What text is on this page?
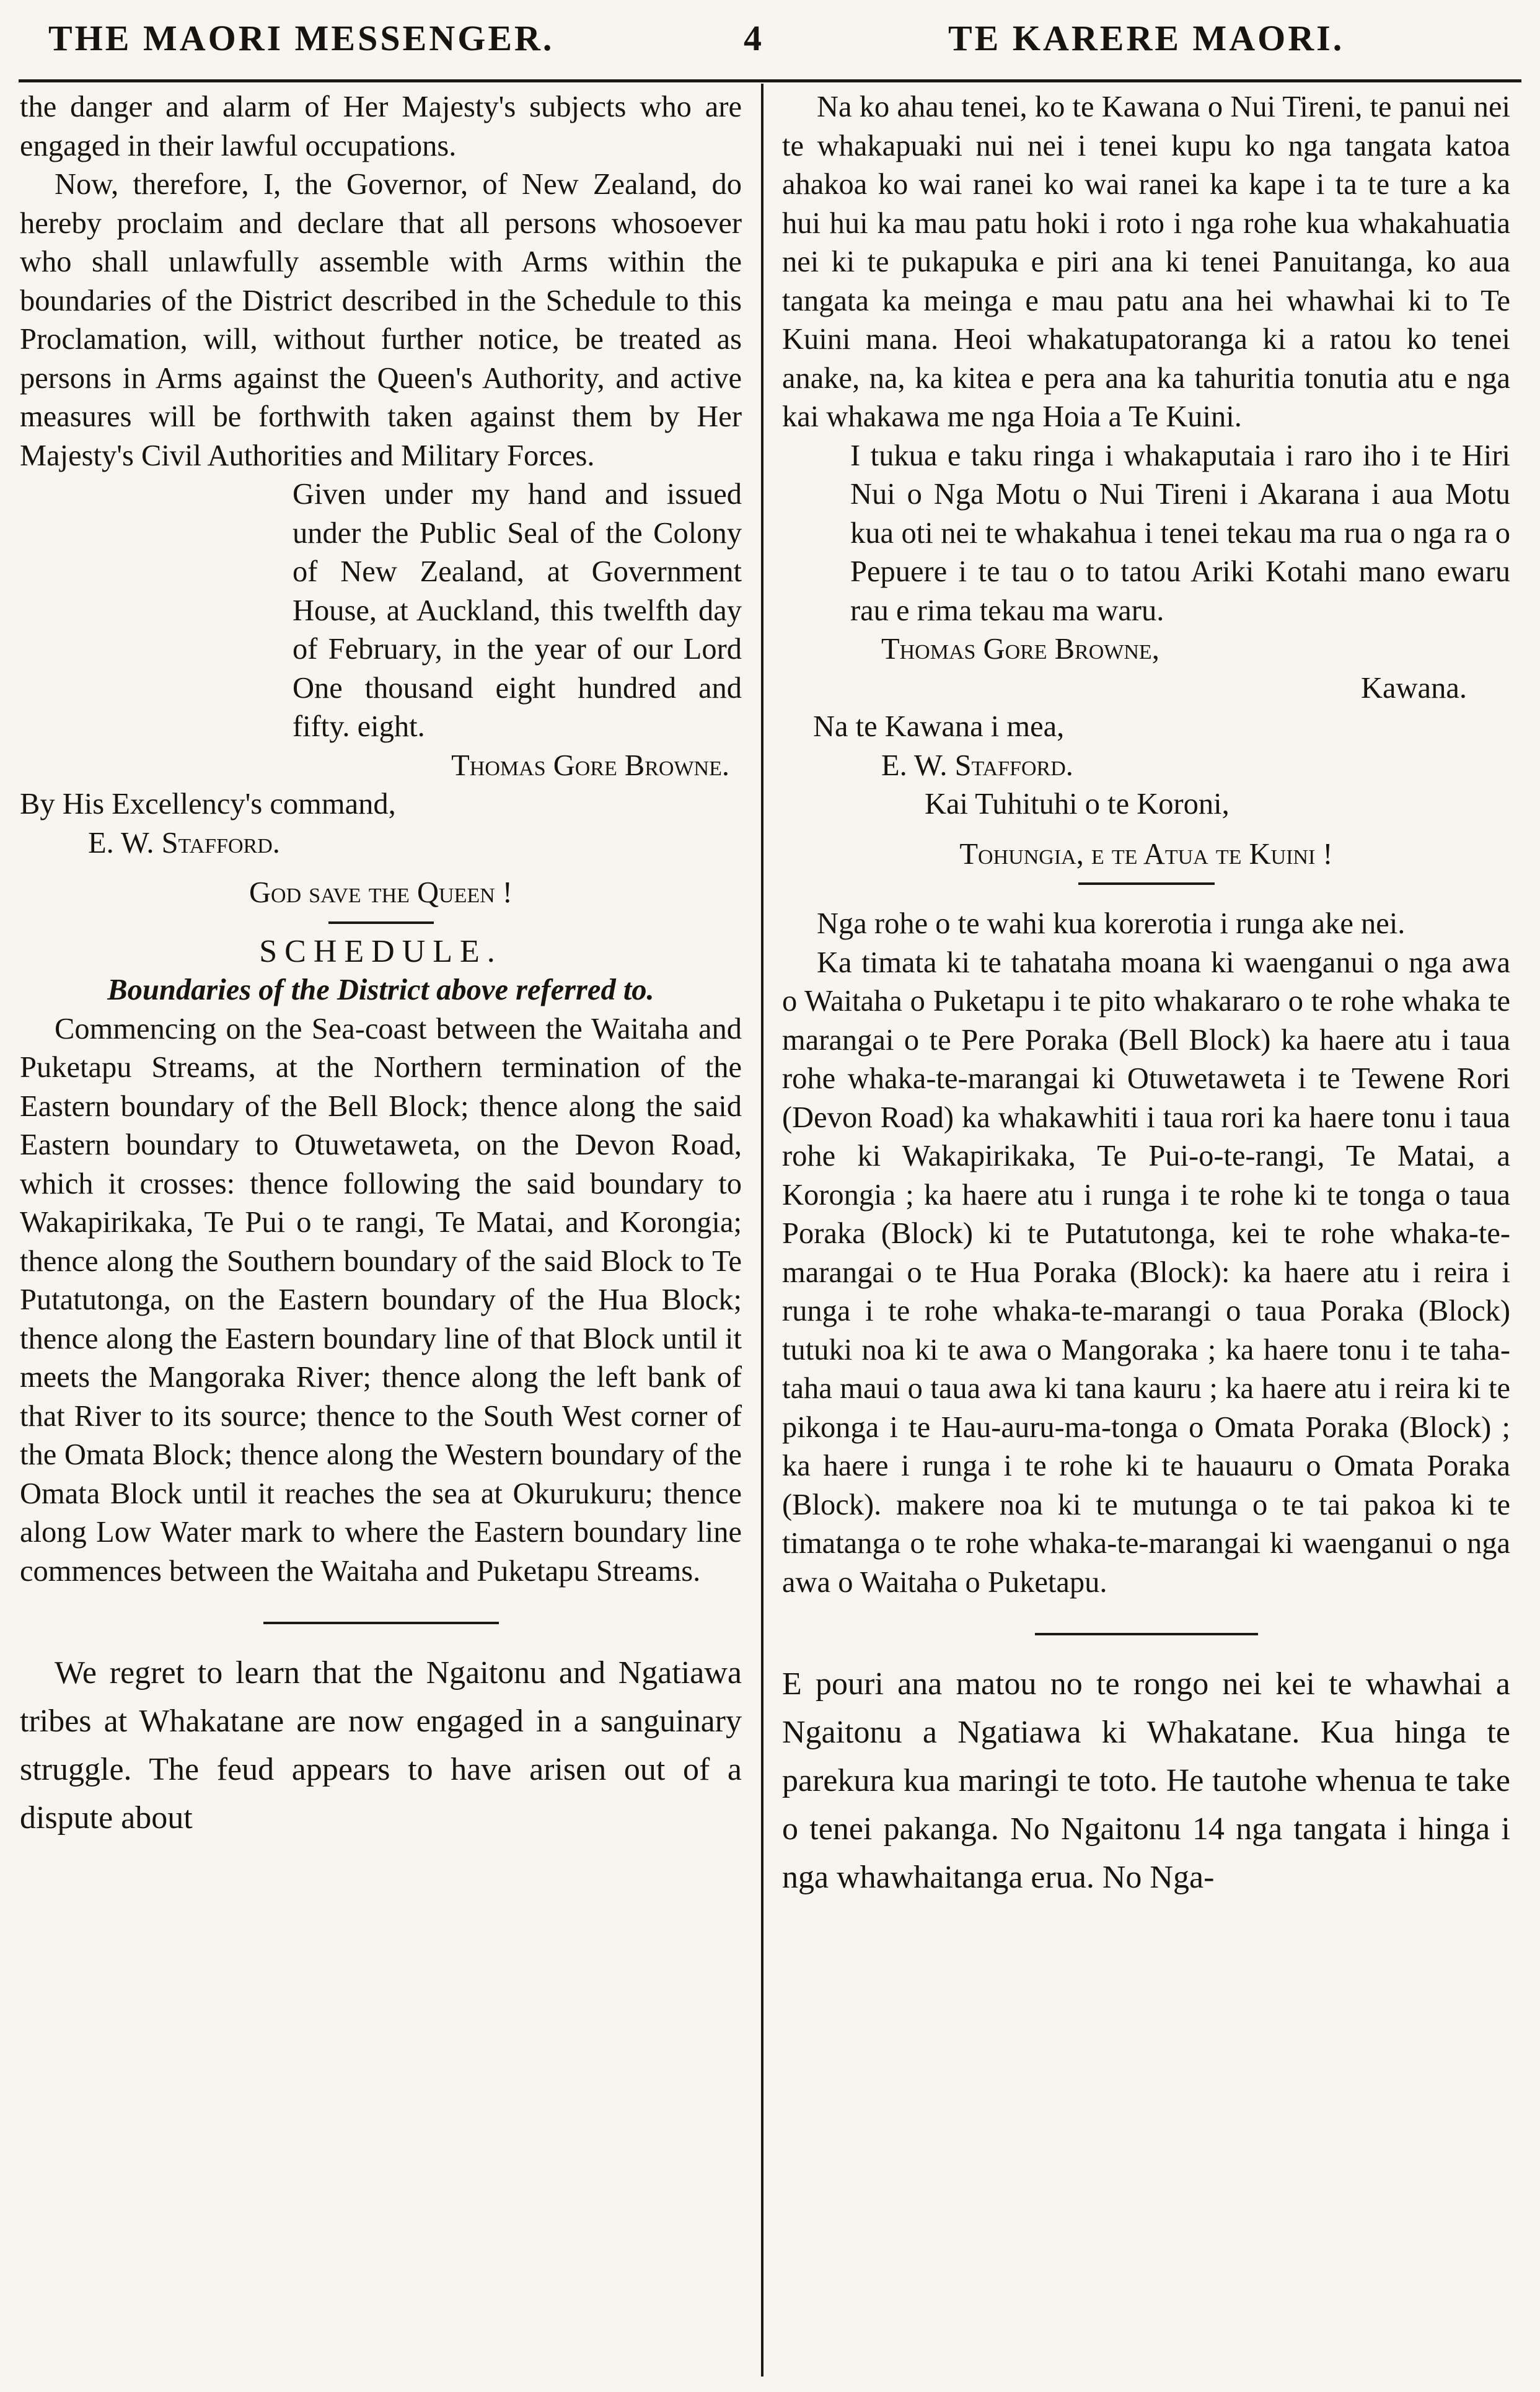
THE MAORI MESSENGER.	4	TE KARERE MAORI.

the danger and alarm of Her Majesty's subjects who are engaged in their lawful occupations.

Now, therefore, I, the Governor, of New Zealand, do hereby proclaim and declare that all persons whosoever who shall unlawfully assemble with Arms within the boundaries of the District described in the Schedule to this Proclamation, will, without further notice, be treated as persons in Arms against the Queen's Authority, and active measures will be forthwith taken against them by Her Majesty's Civil Authorities and Military Forces.

Given under my hand and issued under the Public Seal of the Colony of New Zealand, at Government House, at Auckland, this twelfth day of February, in the year of our Lord One thousand eight hundred and fifty. eight.

Thomas Gore Browne.

By His Excellency's command,

E. W. Stafford.

God save the Queen !

SCHEDULE.

Boundaries of the District above referred to.

Commencing on the Sea-coast between the Waitaha and Puketapu Streams, at the Northern termination of the Eastern boundary of the Bell Block; thence along the said Eastern boundary to Otuwetaweta, on the Devon Road, which it crosses: thence following the said boundary to Wakapirikaka, Te Pui o te rangi, Te Matai, and Korongia; thence along the Southern boundary of the said Block to Te Putatutonga, on the Eastern boundary of the Hua Block; thence along the Eastern boundary line of that Block until it meets the Mangoraka River; thence along the left bank of that River to its source; thence to the South West corner of the Omata Block; thence along the Western boundary of the Omata Block until it reaches the sea at Okurukuru; thence along Low Water mark to where the Eastern boundary line commences between the Waitaha and Puketapu Streams.

We regret to learn that the Ngaitonu and Ngatiawa tribes at Whakatane are now engaged in a sanguinary struggle. The feud appears to have arisen out of a dispute about

Na ko ahau tenei, ko te Kawana o Nui Tireni, te panui nei te whakapuaki nui nei i tenei kupu ko nga tangata katoa ahakoa ko wai ranei ko wai ranei ka kape i ta te ture a ka hui hui ka mau patu hoki i roto i nga rohe kua whakahuatia nei ki te pukapuka e piri ana ki tenei Panuitanga, ko aua tangata ka meinga e mau patu ana hei whawhai ki to Te Kuini mana. Heoi whakatupatoranga ki a ratou ko tenei anake, na, ka kitea e pera ana ka tahuritia tonutia atu e nga kai whakawa me nga Hoia a Te Kuini.

I tukua e taku ringa i whakaputaia i raro iho i te Hiri Nui o Nga Motu o Nui Tireni i Akarana i aua Motu kua oti nei te whakahua i tenei tekau ma rua o nga ra o Pepuere i te tau o to tatou Ariki Kotahi mano ewaru rau e rima tekau ma waru.

Thomas Gore Browne,

Kawana.

Na te Kawana i mea,

E. W. Stafford.

Kai Tuhituhi o te Koroni,

Tohungia, e te Atua te Kuini !

Nga rohe o te wahi kua korerotia i runga ake nei.

Ka timata ki te tahataha moana ki waenganui o nga awa o Waitaha o Puketapu i te pito whakararo o te rohe whaka te marangai o te Pere Poraka (Bell Block) ka haere atu i taua rohe whaka-te-marangai ki Otuwetaweta i te Tewene Rori (Devon Road) ka whakawhiti i taua rori ka haere tonu i taua rohe ki Wakapirikaka, Te Pui-o-te-rangi, Te Matai, a Korongia ; ka haere atu i runga i te rohe ki te tonga o taua Poraka (Block) ki te Putatutonga, kei te rohe whaka-te-marangai o te Hua Poraka (Block): ka haere atu i reira i runga i te rohe whaka-te-marangi o taua Poraka (Block) tutuki noa ki te awa o Mangoraka ; ka haere tonu i te taha-taha maui o taua awa ki tana kauru ; ka haere atu i reira ki te pikonga i te Hau-auru-ma-tonga o Omata Poraka (Block) ; ka haere i runga i te rohe ki te hauauru o Omata Poraka (Block). makere noa ki te mutunga o te tai pakoa ki te timatanga o te rohe whaka-te-marangai ki waenganui o nga awa o Waitaha o Puketapu.

E pouri ana matou no te rongo nei kei te whawhai a Ngaitonu a Ngatiawa ki Whakatane. Kua hinga te parekura kua maringi te toto. He tautohe whenua te take o tenei pakanga. No Ngaitonu 14 nga tangata i hinga i nga whawhaitanga erua. No Nga-
